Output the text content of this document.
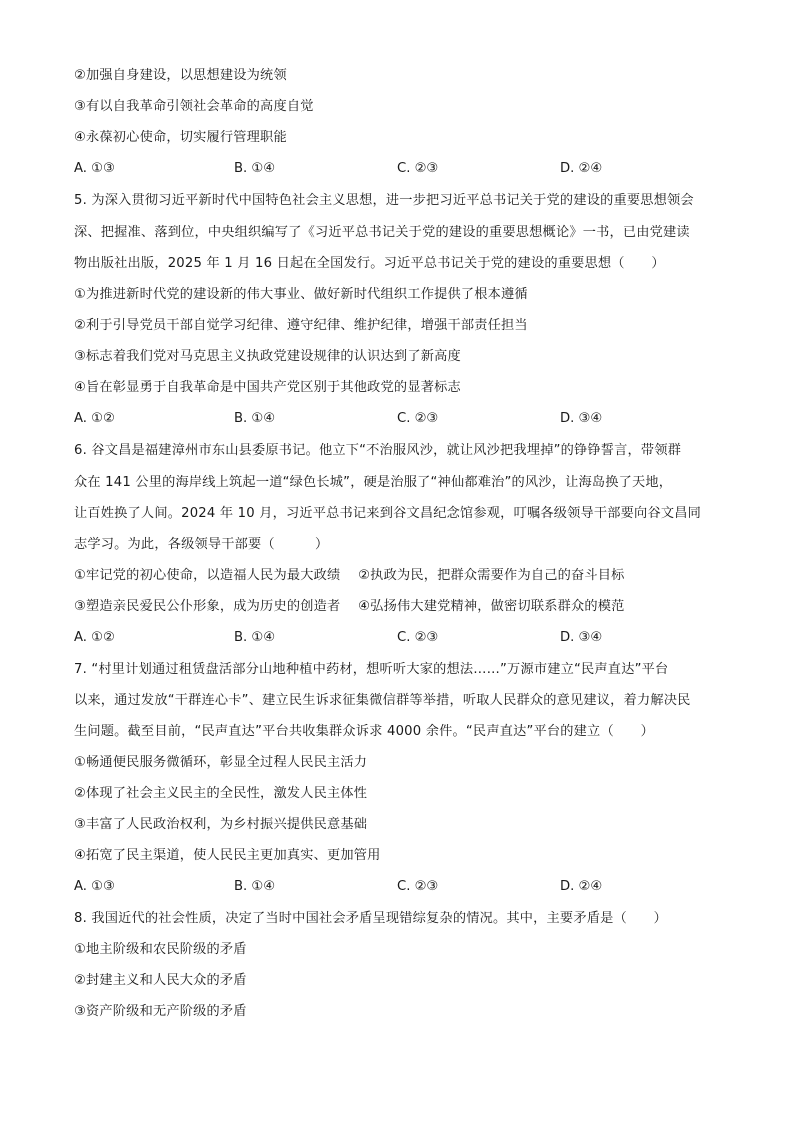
②加强自身建设，以思想建设为统领
③有以自我革命引领社会革命的高度自觉
④永葆初心使命，切实履行管理职能
A. ①③	B. ①④	C. ②③	D. ②④
5. 为深入贯彻习近平新时代中国特色社会主义思想，进一步把习近平总书记关于党的建设的重要思想领会
深、把握准、落到位，中央组织编写了《习近平总书记关于党的建设的重要思想概论》一书，已由党建读
物出版社出版，2025 年 1 月 16 日起在全国发行。习近平总书记关于党的建设的重要思想（　　）
①为推进新时代党的建设新的伟大事业、做好新时代组织工作提供了根本遵循
②利于引导党员干部自觉学习纪律、遵守纪律、维护纪律，增强干部责任担当
③标志着我们党对马克思主义执政党建设规律的认识达到了新高度
④旨在彰显勇于自我革命是中国共产党区别于其他政党的显著标志
A. ①②	B. ①④	C. ②③	D. ③④
6. 谷文昌是福建漳州市东山县委原书记。他立下“不治服风沙，就让风沙把我埋掉”的铮铮誓言，带领群
众在 141 公里的海岸线上筑起一道“绿色长城”，硬是治服了“神仙都难治”的风沙，让海岛换了天地，
让百姓换了人间。2024 年 10 月，习近平总书记来到谷文昌纪念馆参观，叮嘱各级领导干部要向谷文昌同
志学习。为此，各级领导干部要（　　　）
①牢记党的初心使命，以造福人民为最大政绩　 ②执政为民，把群众需要作为自己的奋斗目标
③塑造亲民爱民公仆形象，成为历史的创造者　 ④弘扬伟大建党精神，做密切联系群众的模范
A. ①②	B. ①④	C. ②③	D. ③④
7. “村里计划通过租赁盘活部分山地种植中药材，想听听大家的想法……”万源市建立“民声直达”平台
以来，通过发放“干群连心卡”、建立民生诉求征集微信群等举措，听取人民群众的意见建议，着力解决民
生问题。截至目前，“民声直达”平台共收集群众诉求 4000 余件。“民声直达”平台的建立（　　）
①畅通便民服务微循环，彰显全过程人民民主活力
②体现了社会主义民主的全民性，激发人民主体性
③丰富了人民政治权利，为乡村振兴提供民意基础
④拓宽了民主渠道，使人民民主更加真实、更加管用
A. ①③	B. ①④	C. ②③	D. ②④
8. 我国近代的社会性质，决定了当时中国社会矛盾呈现错综复杂的情况。其中，主要矛盾是（　　）
①地主阶级和农民阶级的矛盾
②封建主义和人民大众的矛盾
③资产阶级和无产阶级的矛盾
